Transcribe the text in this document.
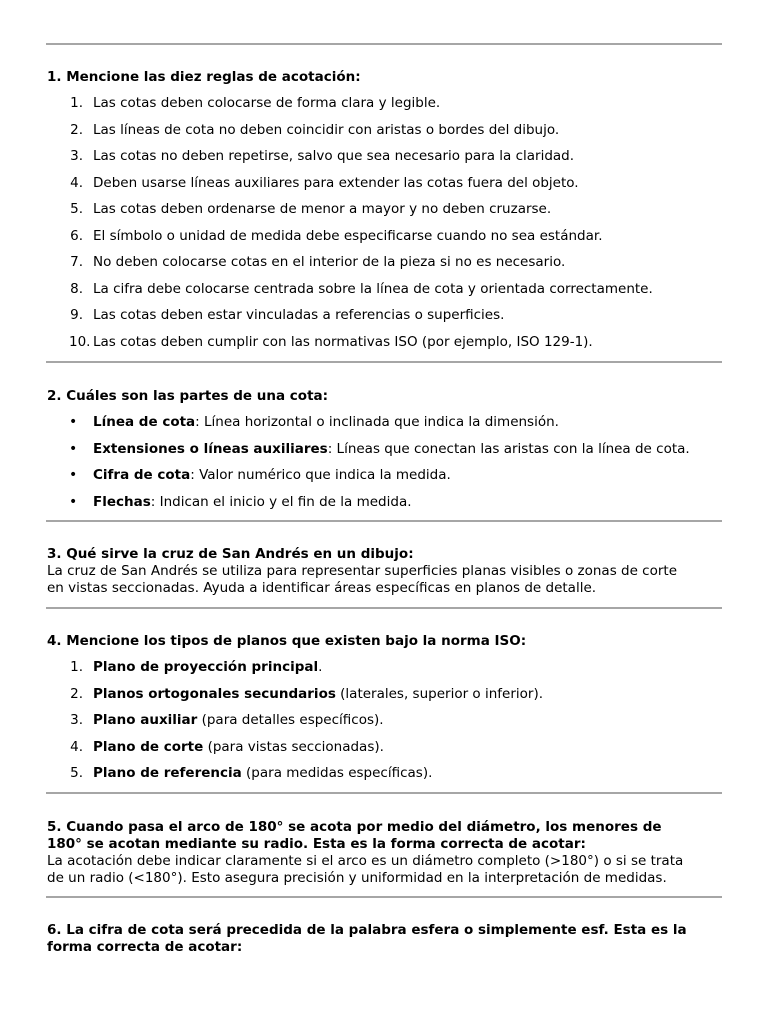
1. Mencione las diez reglas de acotación:

1. Las cotas deben colocarse de forma clara y legible.
2. Las líneas de cota no deben coincidir con aristas o bordes del dibujo.
3. Las cotas no deben repetirse, salvo que sea necesario para la claridad.
4. Deben usarse líneas auxiliares para extender las cotas fuera del objeto.
5. Las cotas deben ordenarse de menor a mayor y no deben cruzarse.
6. El símbolo o unidad de medida debe especificarse cuando no sea estándar.
7. No deben colocarse cotas en el interior de la pieza si no es necesario.
8. La cifra debe colocarse centrada sobre la línea de cota y orientada correctamente.
9. Las cotas deben estar vinculadas a referencias o superficies.
10. Las cotas deben cumplir con las normativas ISO (por ejemplo, ISO 129-1).

2. Cuáles son las partes de una cota:

• Línea de cota: Línea horizontal o inclinada que indica la dimensión.
• Extensiones o líneas auxiliares: Líneas que conectan las aristas con la línea de cota.
• Cifra de cota: Valor numérico que indica la medida.
• Flechas: Indican el inicio y el fin de la medida.

3. Qué sirve la cruz de San Andrés en un dibujo:

La cruz de San Andrés se utiliza para representar superficies planas visibles o zonas de corte

en vistas seccionadas. Ayuda a identificar áreas específicas en planos de detalle.

4. Mencione los tipos de planos que existen bajo la norma ISO:

1. Plano de proyección principal.
2. Planos ortogonales secundarios (laterales, superior o inferior).
3. Plano auxiliar (para detalles específicos).
4. Plano de corte (para vistas seccionadas).
5. Plano de referencia (para medidas específicas).

5. Cuando pasa el arco de 180° se acota por medio del diámetro, los menores de

180° se acotan mediante su radio. Esta es la forma correcta de acotar:

La acotación debe indicar claramente si el arco es un diámetro completo (>180°) o si se trata

de un radio (<180°). Esto asegura precisión y uniformidad en la interpretación de medidas.

6. La cifra de cota será precedida de la palabra esfera o simplemente esf. Esta es la

forma correcta de acotar:
